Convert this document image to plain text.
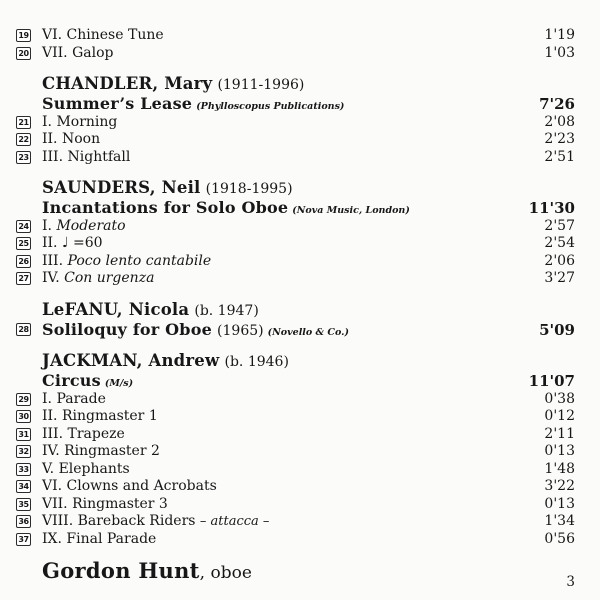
19 VI. Chinese Tune	1'19
20 VII. Galop	1'03
CHANDLER, Mary (1911-1996)
Summer’s Lease (Phylloscopus Publications)	7'26
21 I. Morning	2'08
22 II. Noon	2'23
23 III. Nightfall	2'51
SAUNDERS, Neil (1918-1995)
Incantations for Solo Oboe (Nova Music, London)	11'30
24 I. Moderato	2'57
25 II. ♩ =60	2'54
26 III. Poco lento cantabile	2'06
27 IV. Con urgenza	3'27
LeFANU, Nicola (b. 1947)
28 Soliloquy for Oboe (1965) (Novello & Co.)	5'09
JACKMAN, Andrew (b. 1946)
Circus (M/s)	11'07
29 I. Parade	0'38
30 II. Ringmaster 1	0'12
31 III. Trapeze	2'11
32 IV. Ringmaster 2	0'13
33 V. Elephants	1'48
34 VI. Clowns and Acrobats	3'22
35 VII. Ringmaster 3	0'13
36 VIII. Bareback Riders – attacca –	1'34
37 IX. Final Parade	0'56
Gordon Hunt, oboe	3
